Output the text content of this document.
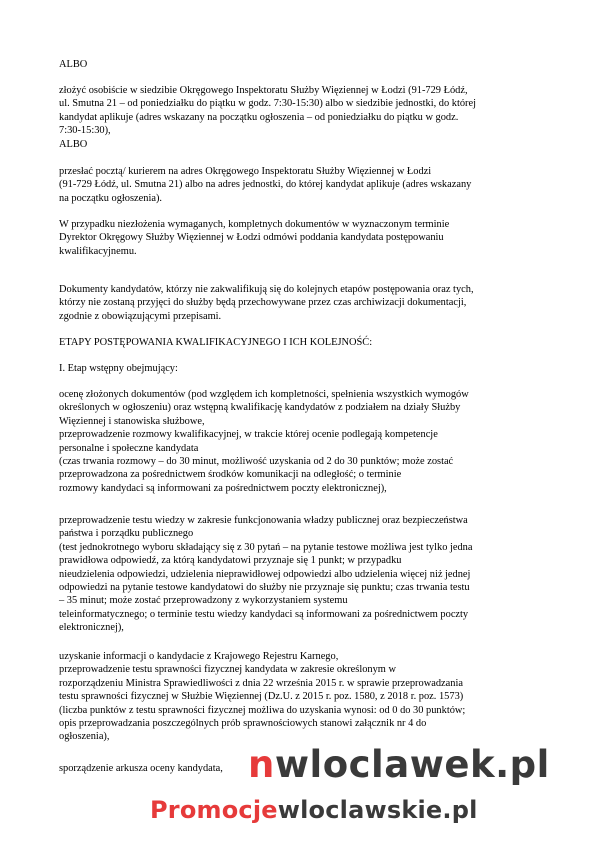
ALBO
złożyć osobiście w siedzibie Okręgowego Inspektoratu Służby Więziennej w Łodzi (91-729 Łódź,
ul. Smutna 21 – od poniedziałku do piątku w godz. 7:30-15:30) albo w siedzibie jednostki, do której
kandydat aplikuje (adres wskazany na początku ogłoszenia – od poniedziałku do piątku w godz.
7:30-15:30),
ALBO
przesłać pocztą/ kurierem na adres Okręgowego Inspektoratu Służby Więziennej w Łodzi
(91-729 Łódź, ul. Smutna 21) albo na adres jednostki, do której kandydat aplikuje (adres wskazany
na początku ogłoszenia).
W przypadku niezłożenia wymaganych, kompletnych dokumentów w wyznaczonym terminie
Dyrektor Okręgowy Służby Więziennej w Łodzi odmówi poddania kandydata postępowaniu
kwalifikacyjnemu.
Dokumenty kandydatów, którzy nie zakwalifikują się do kolejnych etapów postępowania oraz tych,
którzy nie zostaną przyjęci do służby będą przechowywane przez czas archiwizacji dokumentacji,
zgodnie z obowiązującymi przepisami.
ETAPY POSTĘPOWANIA KWALIFIKACYJNEGO I ICH KOLEJNOŚĆ:
I. Etap wstępny obejmujący:
ocenę złożonych dokumentów (pod względem ich kompletności, spełnienia wszystkich wymogów
określonych w ogłoszeniu) oraz wstępną kwalifikację kandydatów z podziałem na działy Służby
Więziennej i stanowiska służbowe,
przeprowadzenie rozmowy kwalifikacyjnej, w trakcie której ocenie podlegają kompetencje
personalne i społeczne kandydata
(czas trwania rozmowy – do 30 minut, możliwość uzyskania od 2 do 30 punktów; może zostać
przeprowadzona za pośrednictwem środków komunikacji na odległość; o terminie
rozmowy kandydaci są informowani za pośrednictwem poczty elektronicznej),
przeprowadzenie testu wiedzy w zakresie funkcjonowania władzy publicznej oraz bezpieczeństwa
państwa i porządku publicznego
(test jednokrotnego wyboru składający się z 30 pytań – na pytanie testowe możliwa jest tylko jedna
prawidłowa odpowiedź, za którą kandydatowi przyznaje się 1 punkt; w przypadku
nieudzielenia odpowiedzi, udzielenia nieprawidłowej odpowiedzi albo udzielenia więcej niż jednej
odpowiedzi na pytanie testowe kandydatowi do służby nie przyznaje się punktu; czas trwania testu
– 35 minut; może zostać przeprowadzony z wykorzystaniem systemu
teleinformatycznego; o terminie testu wiedzy kandydaci są informowani za pośrednictwem poczty
elektronicznej),
uzyskanie informacji o kandydacie z Krajowego Rejestru Karnego,
przeprowadzenie testu sprawności fizycznej kandydata w zakresie określonym w
rozporządzeniu Ministra Sprawiedliwości z dnia 22 września 2015 r. w sprawie przeprowadzania
testu sprawności fizycznej w Służbie Więziennej (Dz.U. z 2015 r. poz. 1580, z 2018 r. poz. 1573)
(liczba punktów z testu sprawności fizycznej możliwa do uzyskania wynosi: od 0 do 30 punktów;
opis przeprowadzania poszczególnych prób sprawnościowych stanowi załącznik nr 4 do
ogłoszenia),
sporządzenie arkusza oceny kandydata, nwloclawek.pl
Promocjewloclawskie.pl
